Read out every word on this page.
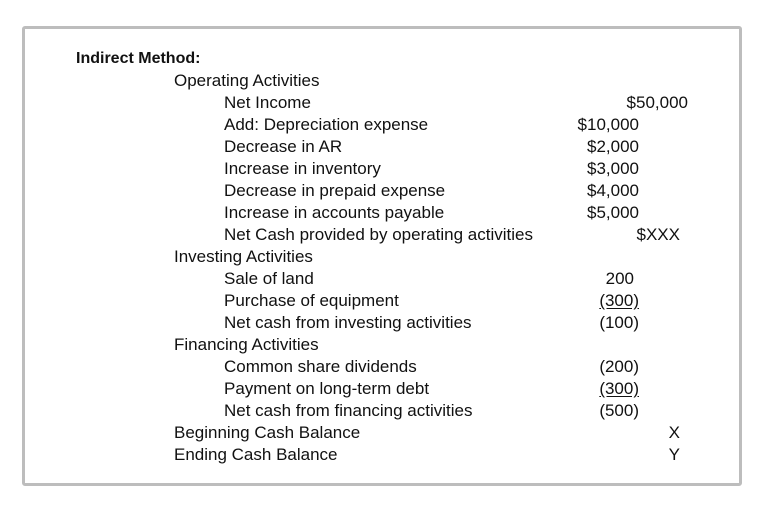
Indirect Method:
Operating Activities
Net Income	$50,000
Add: Depreciation expense	$10,000
Decrease in AR	$2,000
Increase in inventory	$3,000
Decrease in prepaid expense	$4,000
Increase in accounts payable	$5,000
Net Cash provided by operating activities	$XXX
Investing Activities
Sale of land	200
Purchase of equipment	(300)
Net cash from investing activities	(100)
Financing Activities
Common share dividends	(200)
Payment on long-term debt	(300)
Net cash from financing activities	(500)
Beginning Cash Balance	X
Ending Cash Balance	Y
